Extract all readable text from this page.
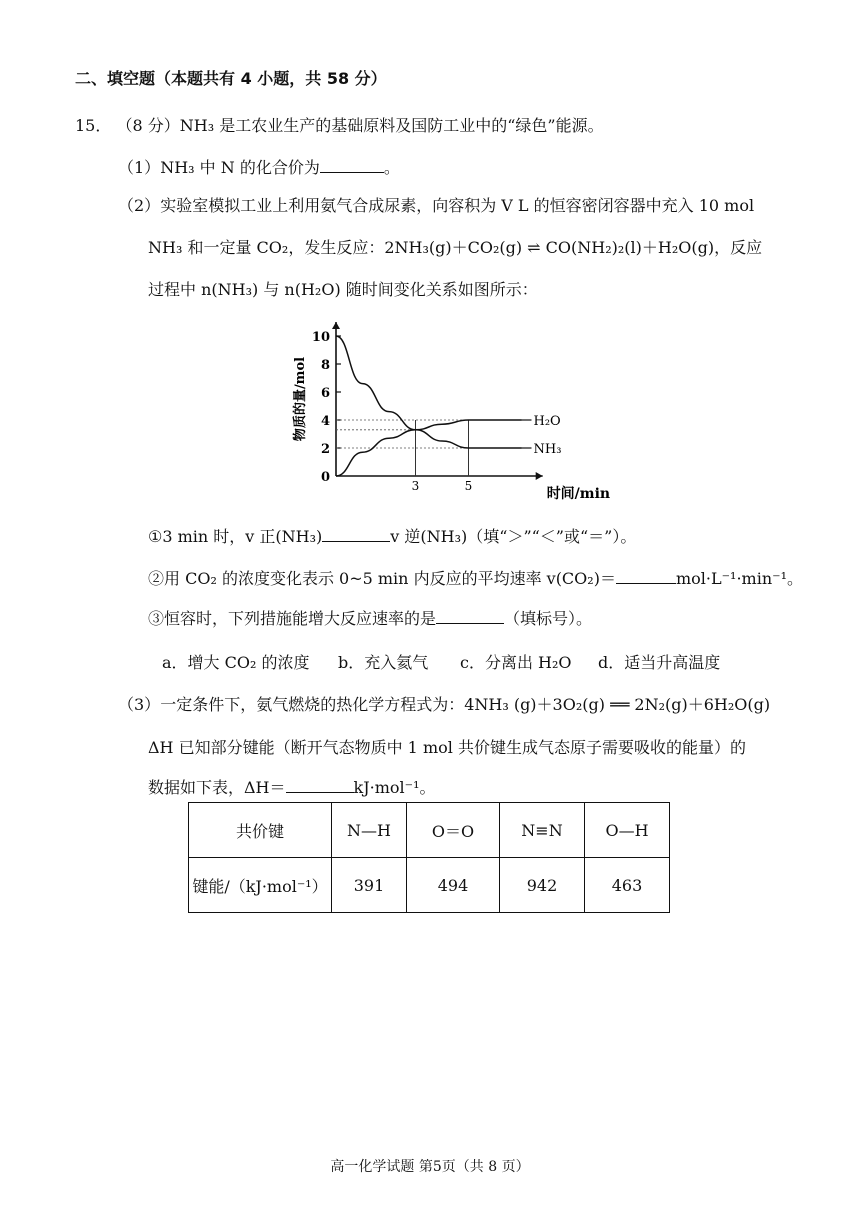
二、填空题（本题共有 4 小题，共 58 分）
15． （8 分）NH₃ 是工农业生产的基础原料及国防工业中的“绿色”能源。
（1）NH₃ 中 N 的化合价为	。
（2）实验室模拟工业上利用氨气合成尿素，向容积为 V L 的恒容密闭容器中充入 10 mol
NH₃ 和一定量 CO₂，发生反应：2NH₃(g)＋CO₂(g) ⇌ CO(NH₂)₂(l)＋H₂O(g)，反应
过程中 n(NH₃) 与 n(H₂O) 随时间变化关系如图所示：
0
2
4
6
8
10
3	5
H₂O
NH₃
时间/min
物质的量/mol
①3 min 时，v 正(NH₃)	v 逆(NH₃)（填“＞”“＜”或“＝”）。
②用 CO₂ 的浓度变化表示 0~5 min 内反应的平均速率 v(CO₂)＝	mol·L⁻¹·min⁻¹。
③恒容时，下列措施能增大反应速率的是	（填标号）。
a．增大 CO₂ 的浓度 b．充入氦气 c．分离出 H₂O d．适当升高温度
（3）一定条件下，氨气燃烧的热化学方程式为：4NH₃ (g)＋3O₂(g) ══ 2N₂(g)＋6H₂O(g)
ΔH 已知部分键能（断开气态物质中 1 mol 共价键生成气态原子需要吸收的能量）的
数据如下表，ΔH＝	kJ·mol⁻¹。
共价键	N—H	O＝O	N≡N	O—H
键能/（kJ·mol⁻¹）	391	494	942	463
高一化学试题 第5页（共 8 页）
